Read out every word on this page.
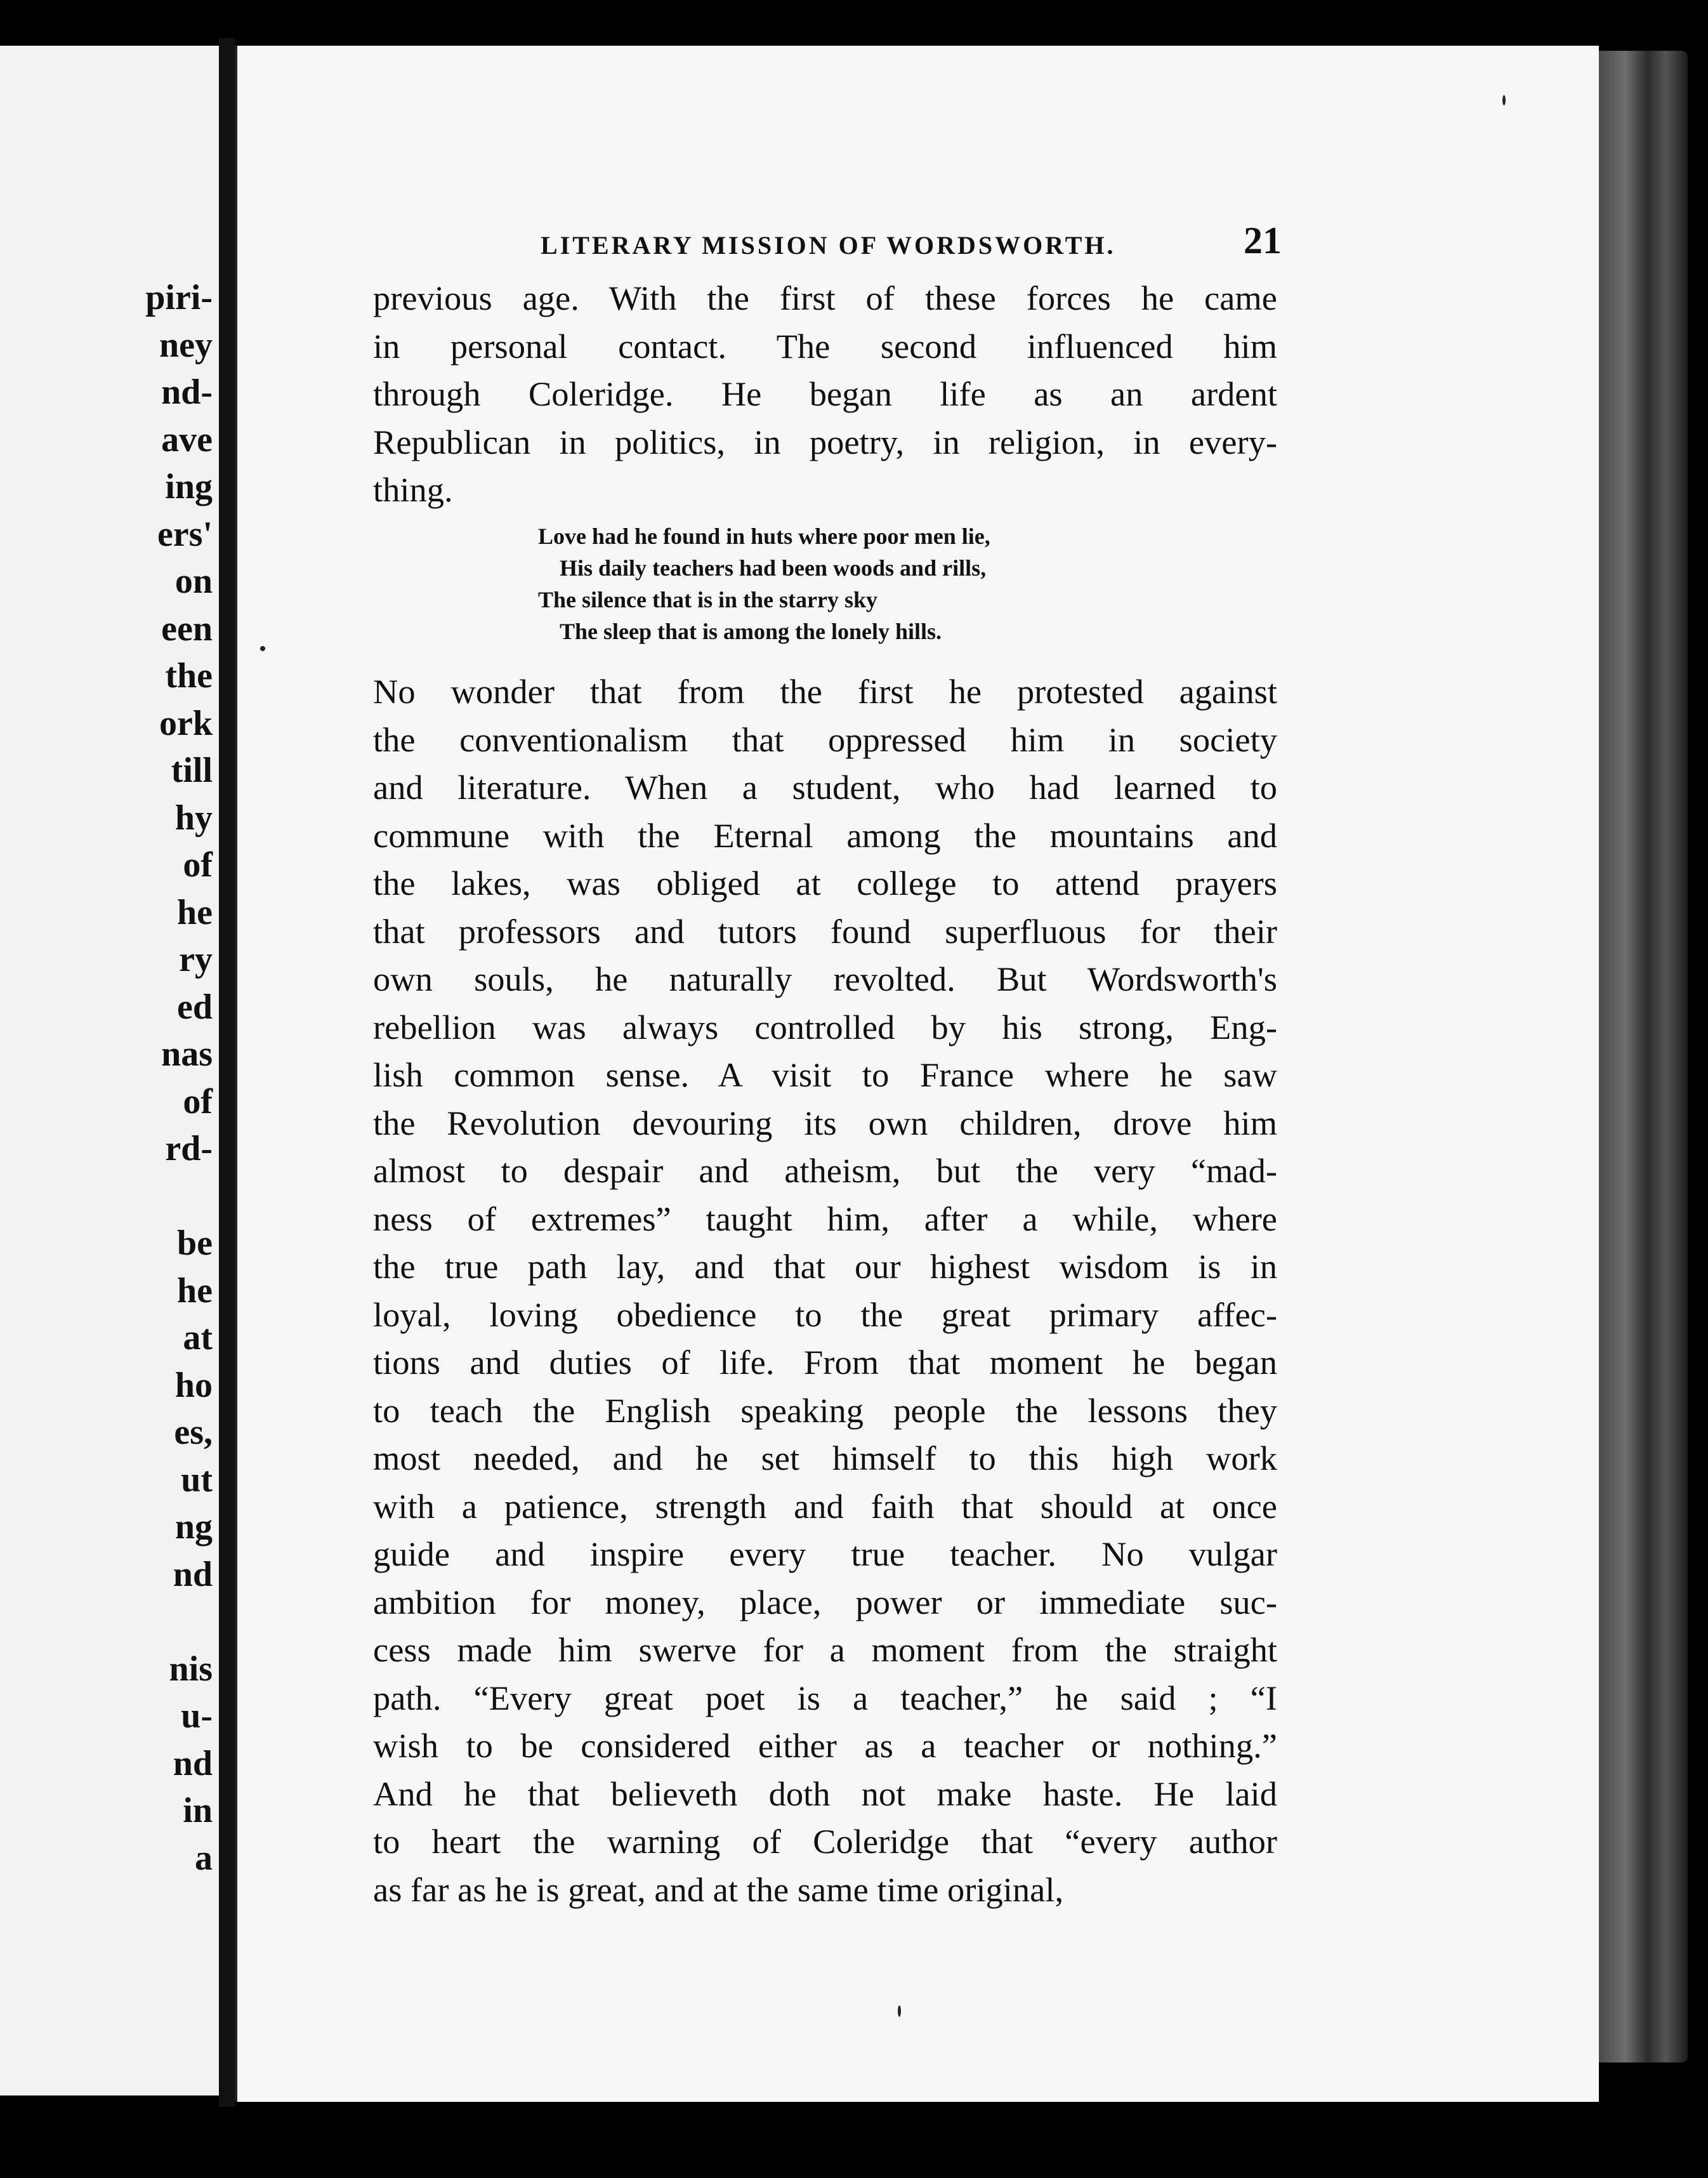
piri-
ney
nd-
ave
ing
ers'
on
een
the
ork
till
hy
of
he
ry
ed
nas
of
rd-
be
he
at
ho
es,
ut
ng
nd
nis
u-
nd
in
a
LITERARY MISSION OF WORDSWORTH.	21
previous age. With the first of these forces he came
in personal contact. The second influenced him
through Coleridge. He began life as an ardent
Republican in politics, in poetry, in religion, in every-
thing.
Love had he found in huts where poor men lie,
His daily teachers had been woods and rills,
The silence that is in the starry sky
The sleep that is among the lonely hills.
No wonder that from the first he protested against
the conventionalism that oppressed him in society
and literature. When a student, who had learned to
commune with the Eternal among the mountains and
the lakes, was obliged at college to attend prayers
that professors and tutors found superfluous for their
own souls, he naturally revolted. But Wordsworth's
rebellion was always controlled by his strong, Eng-
lish common sense. A visit to France where he saw
the Revolution devouring its own children, drove him
almost to despair and atheism, but the very “mad-
ness of extremes” taught him, after a while, where
the true path lay, and that our highest wisdom is in
loyal, loving obedience to the great primary affec-
tions and duties of life. From that moment he began
to teach the English speaking people the lessons they
most needed, and he set himself to this high work
with a patience, strength and faith that should at once
guide and inspire every true teacher. No vulgar
ambition for money, place, power or immediate suc-
cess made him swerve for a moment from the straight
path. “Every great poet is a teacher,” he said ; “I
wish to be considered either as a teacher or nothing.”
And he that believeth doth not make haste. He laid
to heart the warning of Coleridge that “every author
as far as he is great, and at the same time original,
